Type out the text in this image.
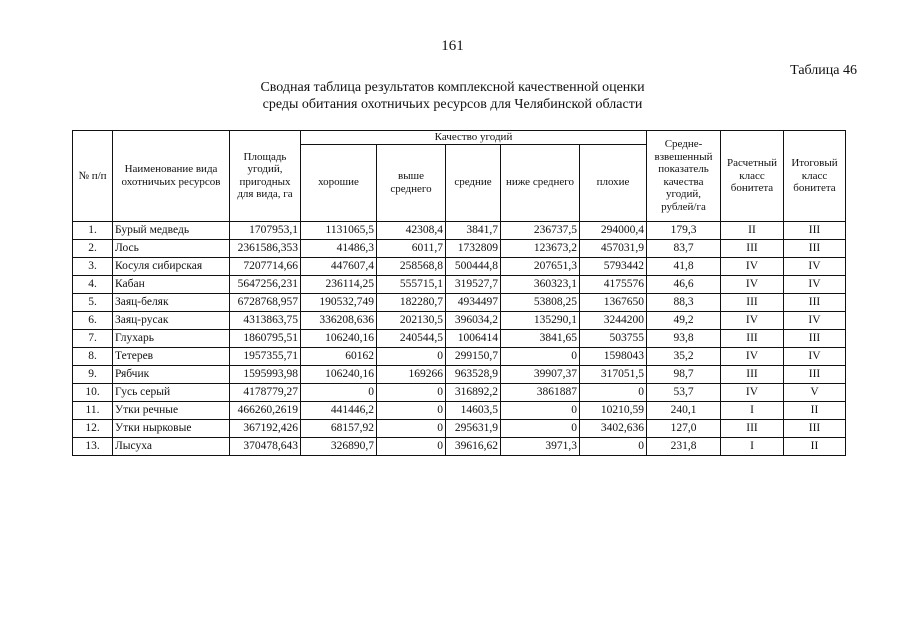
161
Таблица 46
Сводная таблица результатов комплексной качественной оценки
среды обитания охотничьих ресурсов для Челябинской области
№ п/п	Наименование вида охотничьих ресурсов	Площадь угодий, пригодных для вида, га	Качество угодий					Средне-взвешенный показатель качества угодий, рублей/га	Расчетный класс бонитета	Итоговый класс бонитета
			хорошие	выше среднего	средние	ниже среднего	плохие			
1.	Бурый медведь	1707953,1	1131065,5	42308,4	3841,7	236737,5	294000,4	179,3	II	III
2.	Лось	2361586,353	41486,3	6011,7	1732809	123673,2	457031,9	83,7	III	III
3.	Косуля сибирская	7207714,66	447607,4	258568,8	500444,8	207651,3	5793442	41,8	IV	IV
4.	Кабан	5647256,231	236114,25	555715,1	319527,7	360323,1	4175576	46,6	IV	IV
5.	Заяц-беляк	6728768,957	190532,749	182280,7	4934497	53808,25	1367650	88,3	III	III
6.	Заяц-русак	4313863,75	336208,636	202130,5	396034,2	135290,1	3244200	49,2	IV	IV
7.	Глухарь	1860795,51	106240,16	240544,5	1006414	3841,65	503755	93,8	III	III
8.	Тетерев	1957355,71	60162	0	299150,7	0	1598043	35,2	IV	IV
9.	Рябчик	1595993,98	106240,16	169266	963528,9	39907,37	317051,5	98,7	III	III
10.	Гусь серый	4178779,27	0	0	316892,2	3861887	0	53,7	IV	V
11.	Утки речные	466260,2619	441446,2	0	14603,5	0	10210,59	240,1	I	II
12.	Утки нырковые	367192,426	68157,92	0	295631,9	0	3402,636	127,0	III	III
13.	Лысуха	370478,643	326890,7	0	39616,62	3971,3	0	231,8	I	II
